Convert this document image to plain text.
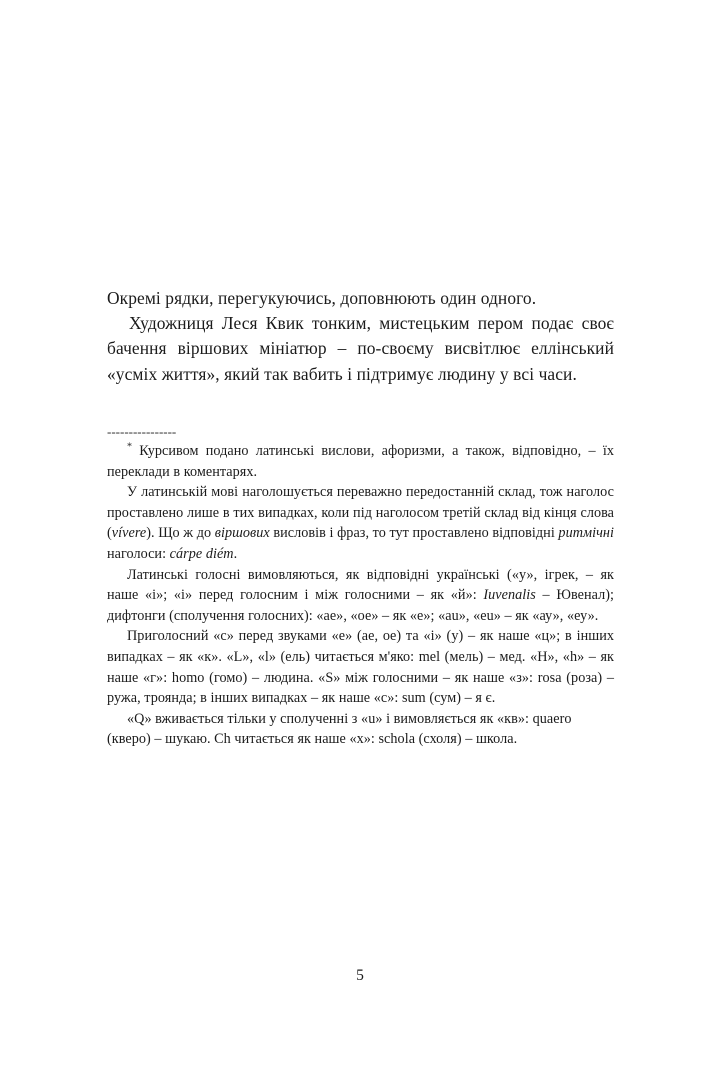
Окремі рядки, перегукуючись, доповнюють один одного.

Художниця Леся Квик тонким, мистецьким пером подає своє бачення віршових мініатюр – по-своєму висвітлює еллінський «усміх життя», який так вабить і підтримує людину у всі часи.

----------------

* Курсивом подано латинські вислови, афоризми, а також, відповідно, – їх переклади в коментарях.

У латинській мові наголошується переважно передостанній склад, тож наголос проставлено лише в тих випадках, коли під наголосом третій склад від кінця слова (vívere). Що ж до віршових висловів і фраз, то тут проставлено відповідні ритмічні наголоси: cárpe diém.

Латинські голосні вимовляються, як відповідні українські («у», ігрек, – як наше «і»; «і» перед голосним і між голосними – як «й»: Iuvenalis – Ювенал); дифтонги (сполучення голосних): «ае», «ое» – як «е»; «au», «eu» – як «ау», «еу».

Приголосний «с» перед звуками «е» (ae, oe) та «і» (у) – як наше «ц»; в інших випадках – як «к». «L», «l» (ель) читається м'яко: mel (мель) – мед. «H», «h» – як наше «г»: homo (гомо) – людина. «S» між голосними – як наше «з»: rosa (роза) – ружа, троянда; в інших випадках – як наше «с»: sum (сум) – я є.

«Q» вживається тільки у сполученні з «u» і вимовляється як «кв»: quaero (кверо) – шукаю. Ch читається як наше «х»: schola (схоля) – школа.

5
